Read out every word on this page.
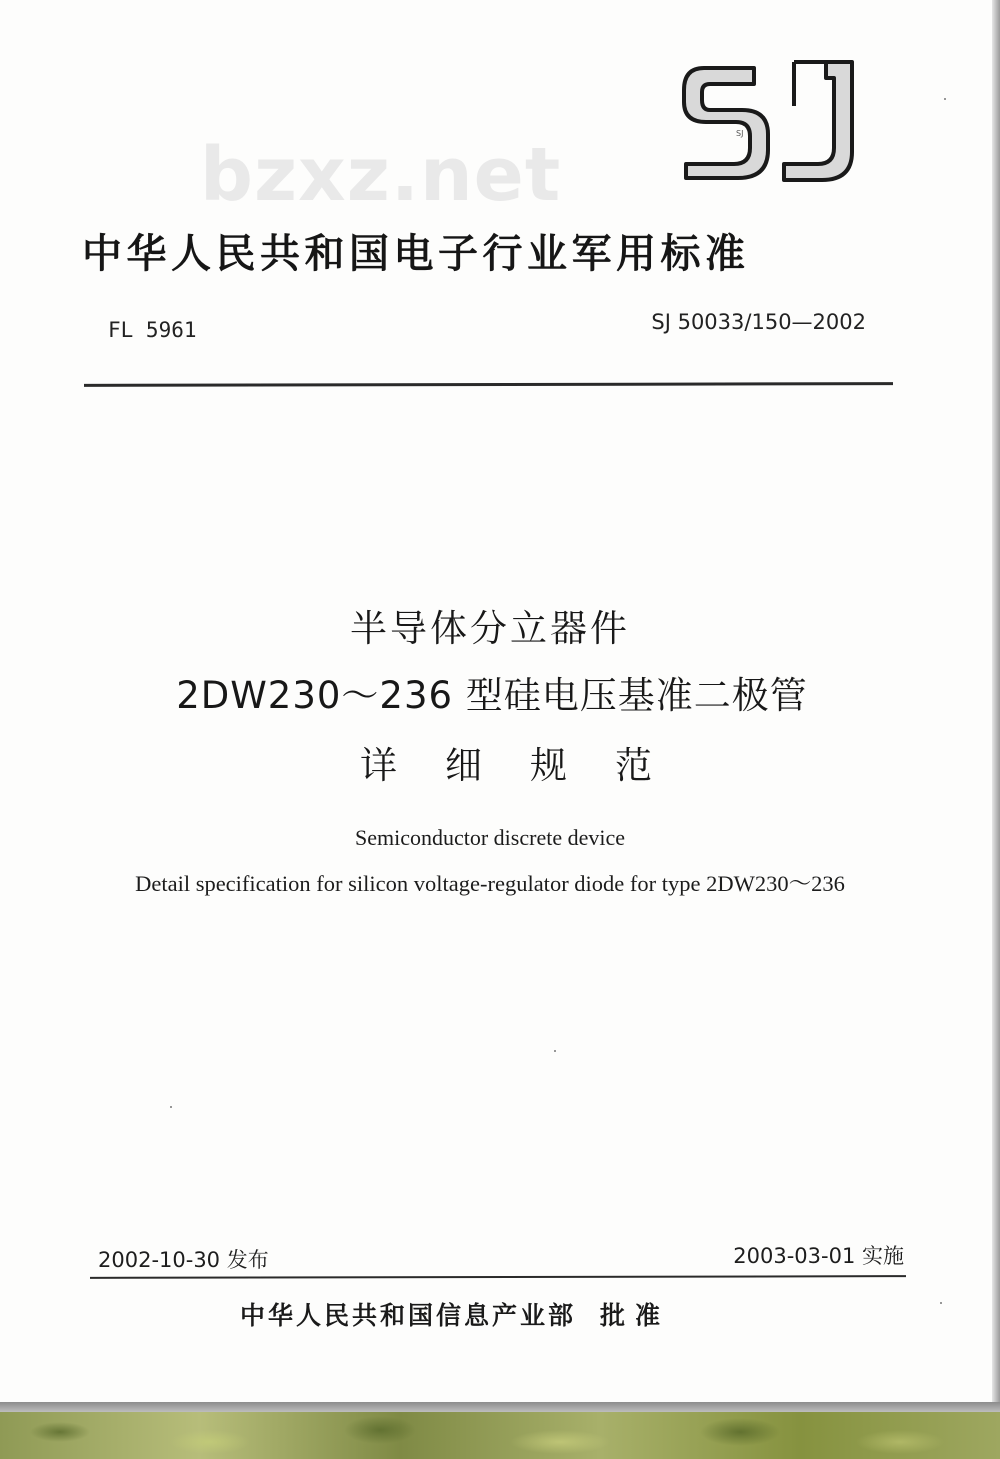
SJ
bzxz.net
中华人民共和国电子行业军用标准
FL 5961	SJ 50033/150—2002
半导体分立器件
2DW230～236 型硅电压基准二极管
详细规范
Semiconductor discrete device
Detail specification for silicon voltage-regulator diode for type 2DW230～236
2002-10-30 发布	2003-03-01 实施
中华人民共和国信息产业部 批准
